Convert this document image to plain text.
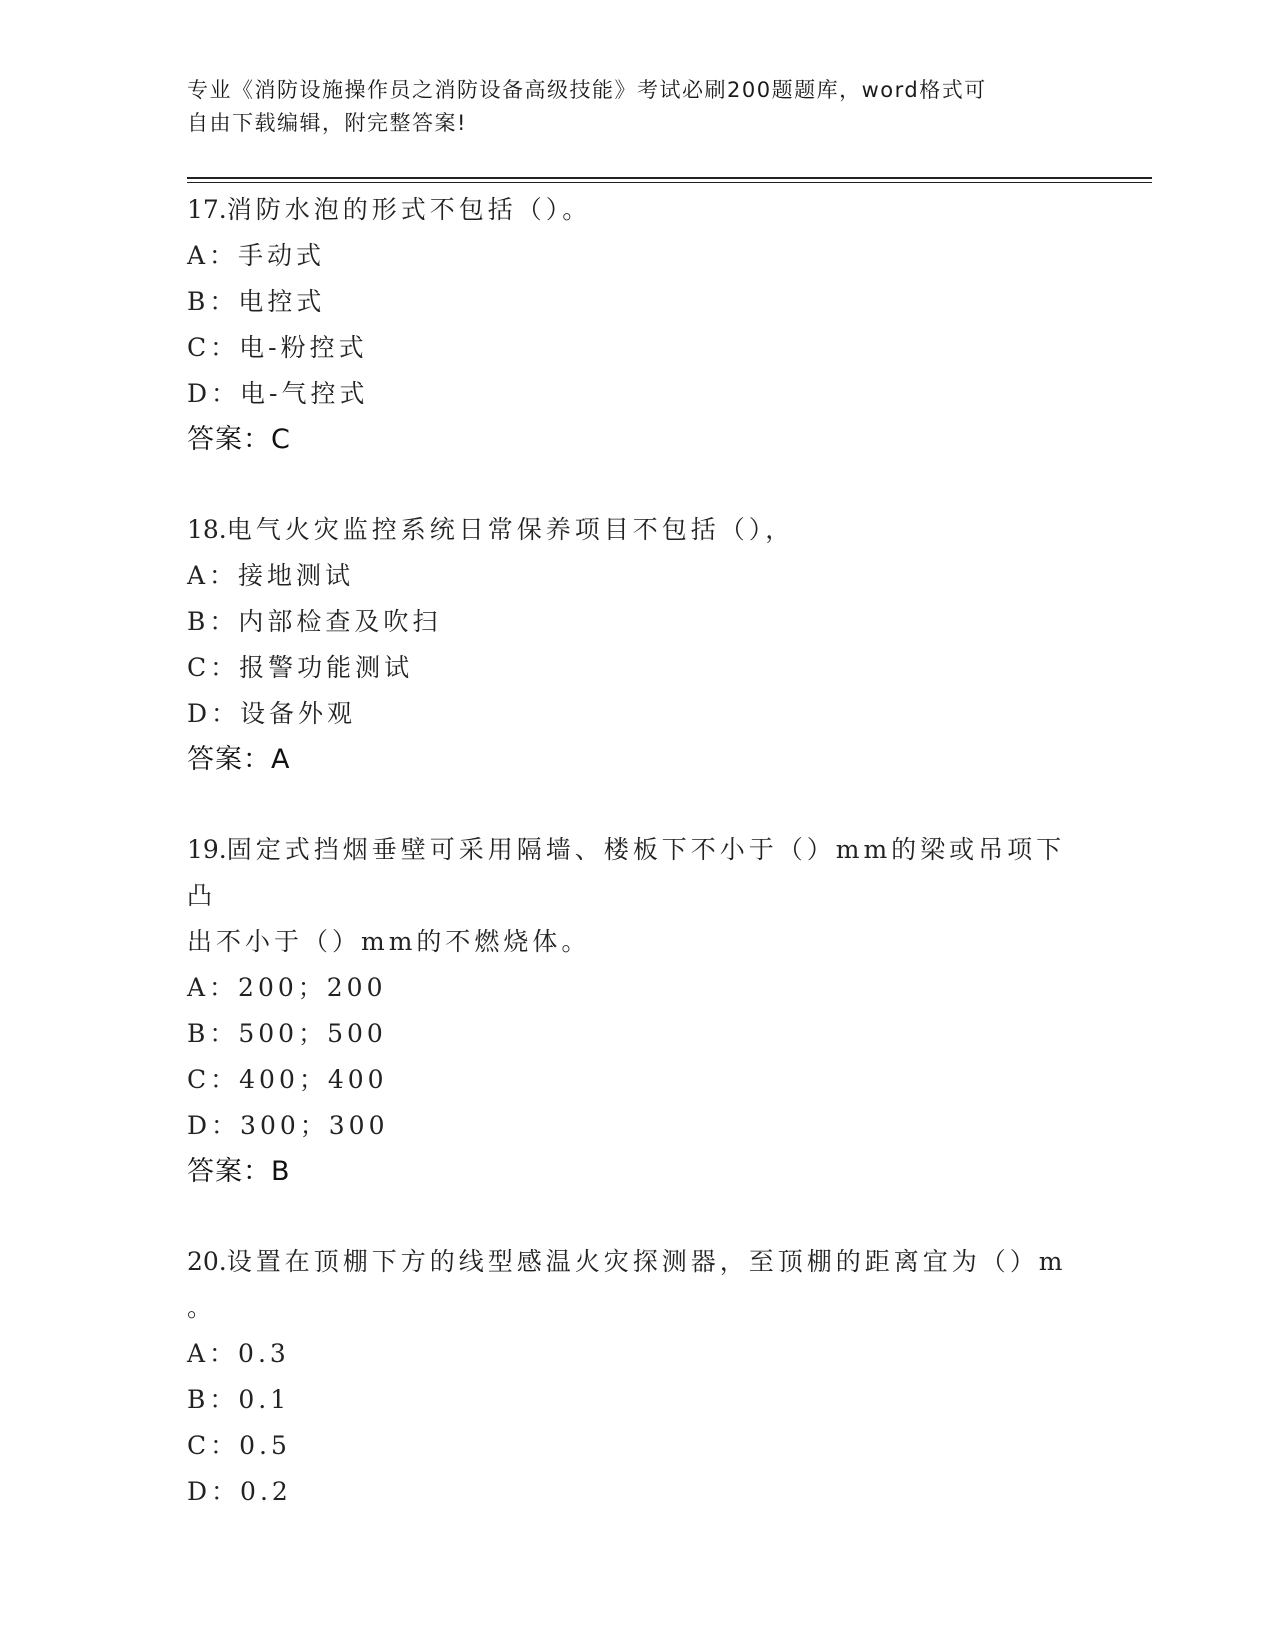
专业《消防设施操作员之消防设备高级技能》考试必刷200题题库，word格式可
自由下载编辑，附完整答案!
17.消防水泡的形式不包括（）。
A：手动式
B：电控式
C：电-粉控式
D：电-气控式
答案：C
18.电气火灾监控系统日常保养项目不包括（），
A：接地测试
B：内部检查及吹扫
C：报警功能测试
D：设备外观
答案：A
19.固定式挡烟垂壁可采用隔墙、楼板下不小于（）mm的梁或吊项下凸
出不小于（）mm的不燃烧体。
A：200；200
B：500；500
C：400；400
D：300；300
答案：B
20.设置在顶棚下方的线型感温火灾探测器，至顶棚的距离宜为（）m
。
A：0.3
B：0.1
C：0.5
D：0.2
